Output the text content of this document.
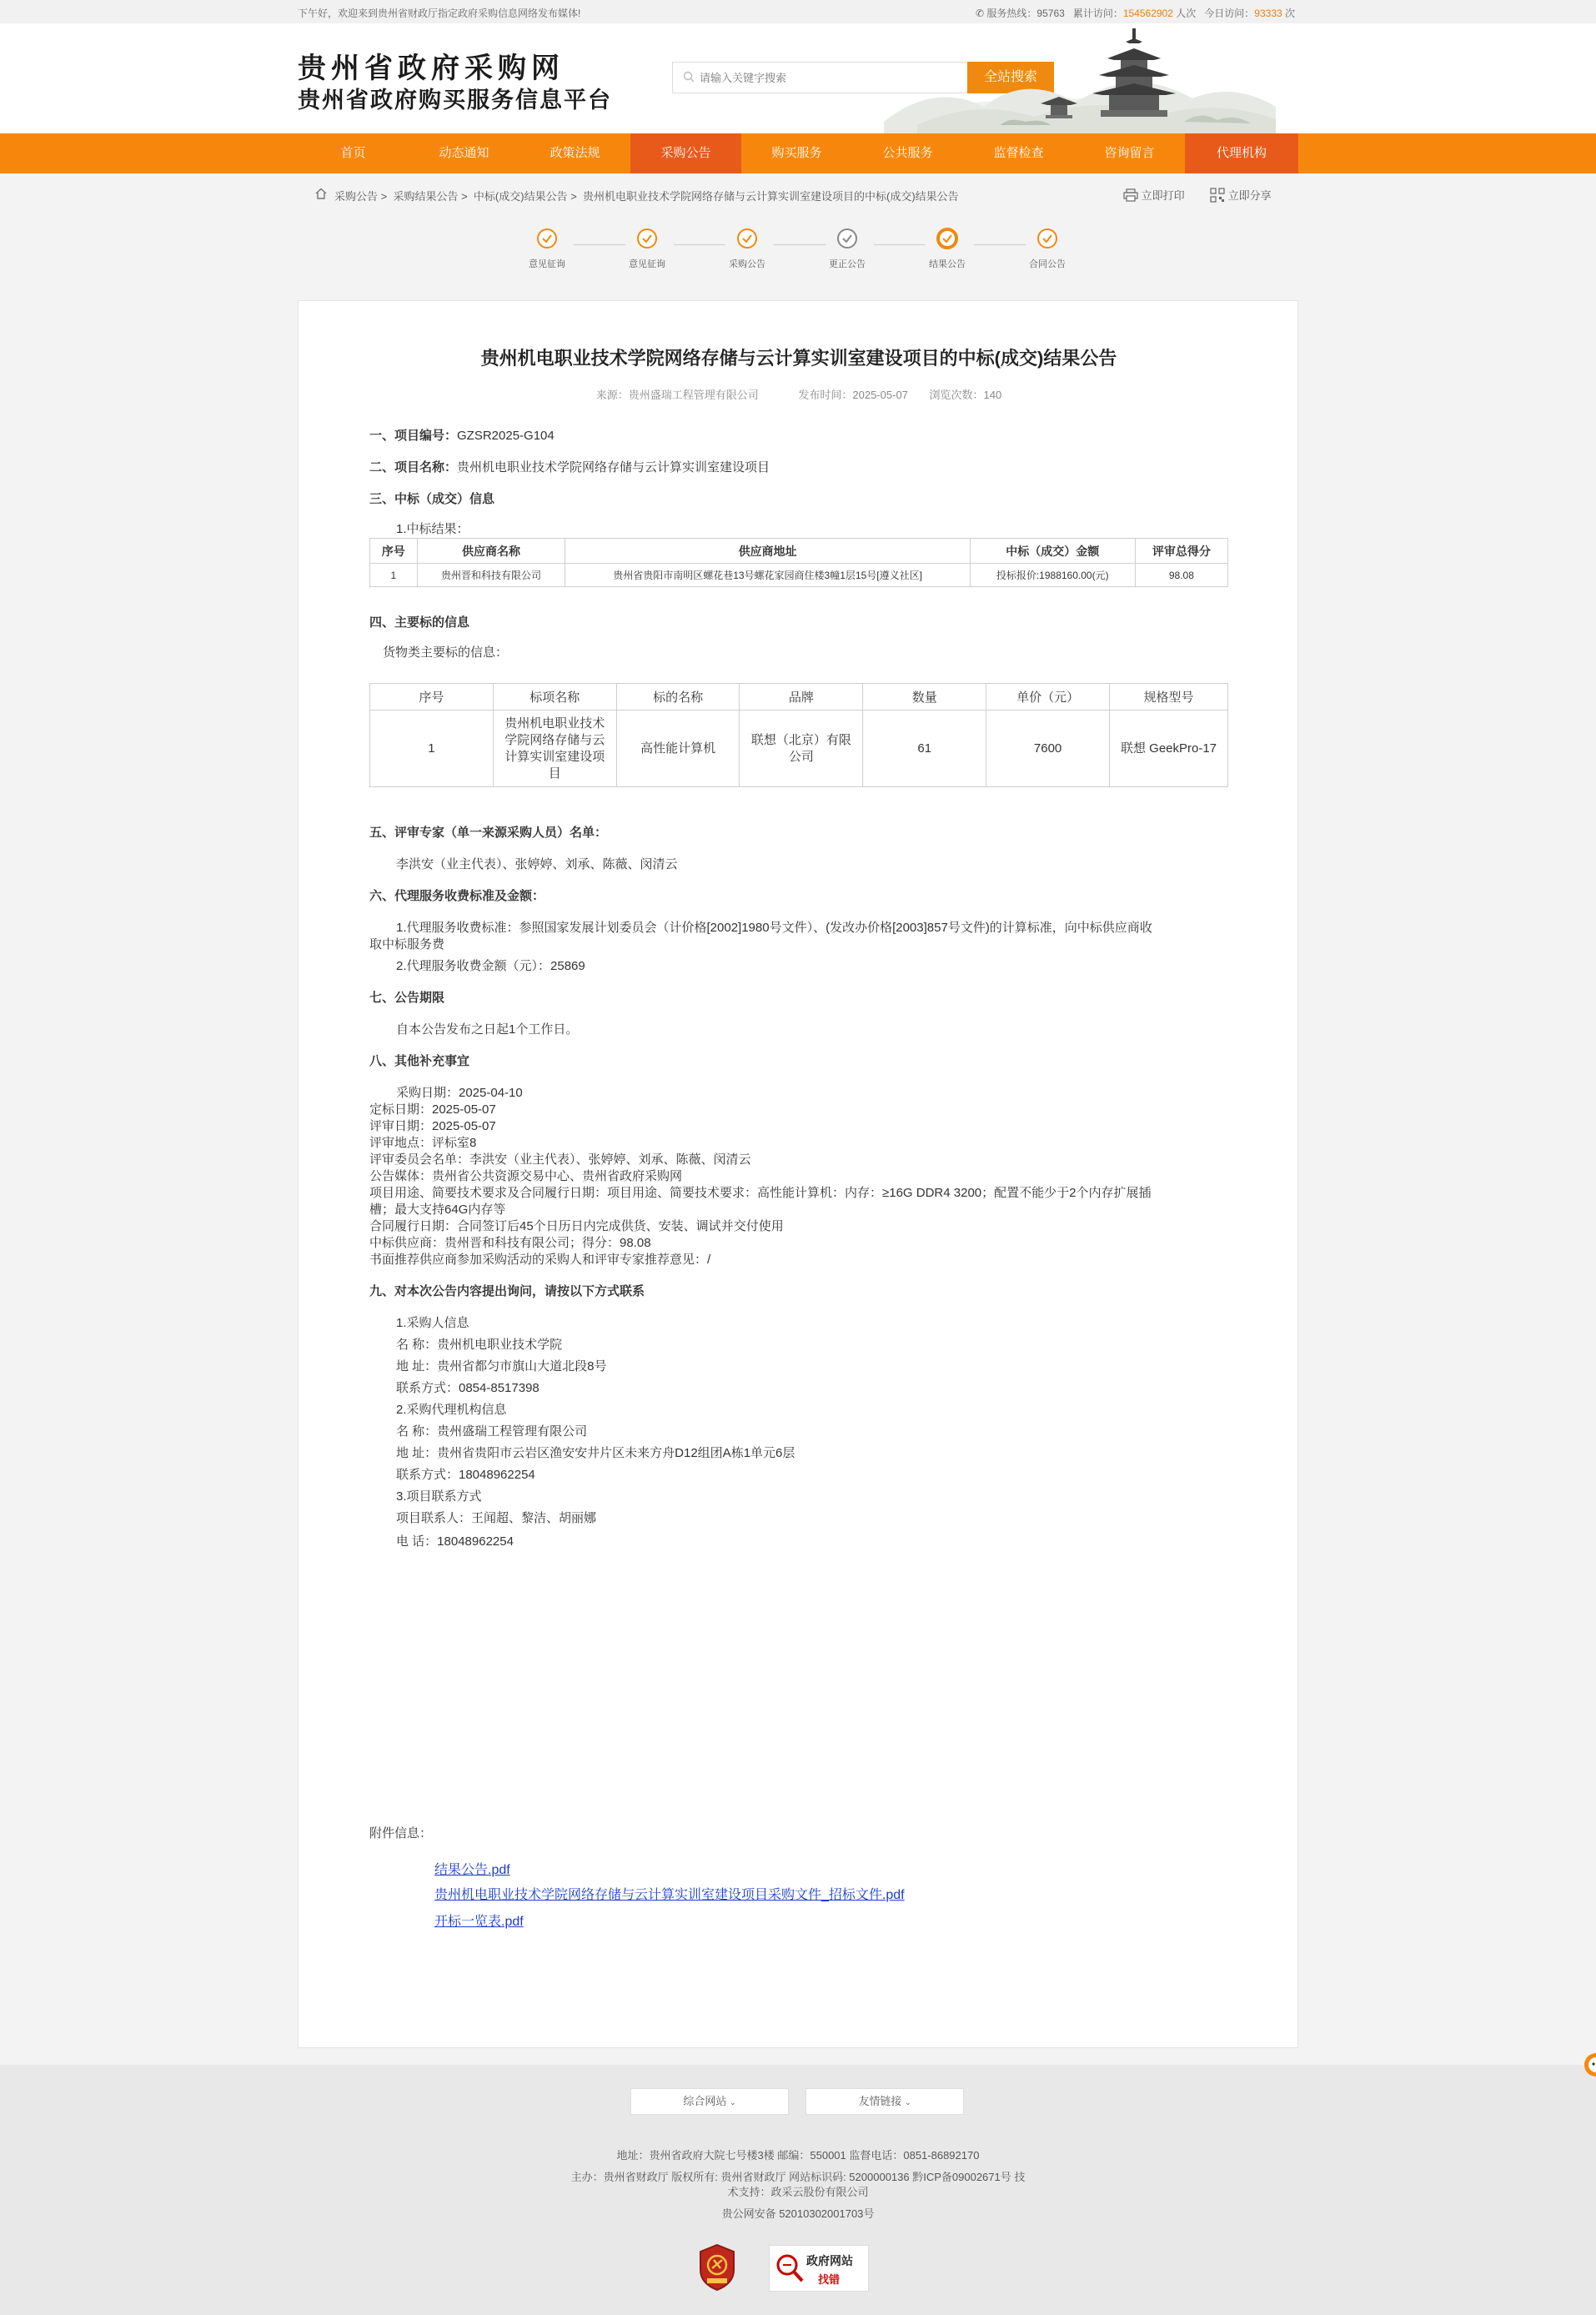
下午好，欢迎来到贵州省财政厅指定政府采购信息网络发布媒体!	✆ 服务热线：95763 累计访问：154562902 人次 今日访问：93333 次
贵州省政府采购网
贵州省政府购买服务信息平台
请输入关键字搜索
全站搜索
首页	动态通知	政策法规	采购公告	购买服务	公共服务	监督检查	咨询留言	代理机构
采购公告 >  采购结果公告 >  中标(成交)结果公告 >  贵州机电职业技术学院网络存储与云计算实训室建设项目的中标(成交)结果公告	立即打印	立即分享
意见征询	意见征询	采购公告	更正公告	结果公告	合同公告
贵州机电职业技术学院网络存储与云计算实训室建设项目的中标(成交)结果公告
来源：贵州盛瑞工程管理有限公司	发布时间：2025-05-07 浏览次数：140
一、项目编号：GZSR2025-G104
二、项目名称：贵州机电职业技术学院网络存储与云计算实训室建设项目
三、中标（成交）信息
1.中标结果：
序号	供应商名称	供应商地址	中标（成交）金额	评审总得分
1	贵州晋和科技有限公司	贵州省贵阳市南明区螺花巷13号螺花家园商住楼3幢1层15号[遵义社区]	投标报价:1988160.00(元)	98.08
四、主要标的信息
货物类主要标的信息：
序号	标项名称	标的名称	品牌	数量	单价（元）	规格型号
1	贵州机电职业技术学院网络存储与云计算实训室建设项目	高性能计算机	联想（北京）有限公司	61	7600	联想 GeekPro-17
五、评审专家（单一来源采购人员）名单：
李洪安（业主代表）、张婷婷、刘承、陈薇、闵清云
六、代理服务收费标准及金额：
1.代理服务收费标准：参照国家发展计划委员会（计价格[2002]1980号文件）、(发改办价格[2003]857号文件)的计算标准，向中标供应商收
取中标服务费
2.代理服务收费金额（元）：25869
七、公告期限
自本公告发布之日起1个工作日。
八、其他补充事宜
采购日期：2025-04-10
定标日期：2025-05-07
评审日期：2025-05-07
评审地点：评标室8
评审委员会名单：李洪安（业主代表）、张婷婷、刘承、陈薇、闵清云
公告媒体：贵州省公共资源交易中心、贵州省政府采购网
项目用途、简要技术要求及合同履行日期：项目用途、简要技术要求：高性能计算机：内存：≥16G DDR4 3200；配置不能少于2个内存扩展插
槽；最大支持64G内存等
合同履行日期：合同签订后45个日历日内完成供货、安装、调试并交付使用
中标供应商：贵州晋和科技有限公司；得分：98.08
书面推荐供应商参加采购活动的采购人和评审专家推荐意见：/
九、对本次公告内容提出询问，请按以下方式联系
1.采购人信息
名 称：贵州机电职业技术学院
地 址：贵州省都匀市旗山大道北段8号
联系方式：0854-8517398
2.采购代理机构信息
名 称：贵州盛瑞工程管理有限公司
地 址：贵州省贵阳市云岩区渔安安井片区未来方舟D12组团A栋1单元6层
联系方式：18048962254
3.项目联系方式
项目联系人：王闻超、黎洁、胡丽娜
电 话：18048962254
附件信息：
结果公告.pdf
贵州机电职业技术学院网络存储与云计算实训室建设项目采购文件_招标文件.pdf
开标一览表.pdf
综合网站 ⌄	友情链接 ⌄
地址：贵州省政府大院七号楼3楼 邮编：550001 监督电话：0851-86892170
主办：贵州省财政厅 版权所有: 贵州省财政厅 网站标识码: 5200000136 黔ICP备09002671号 技
术支持：政采云股份有限公司
贵公网安备 52010302001703号
政府网站
找错
